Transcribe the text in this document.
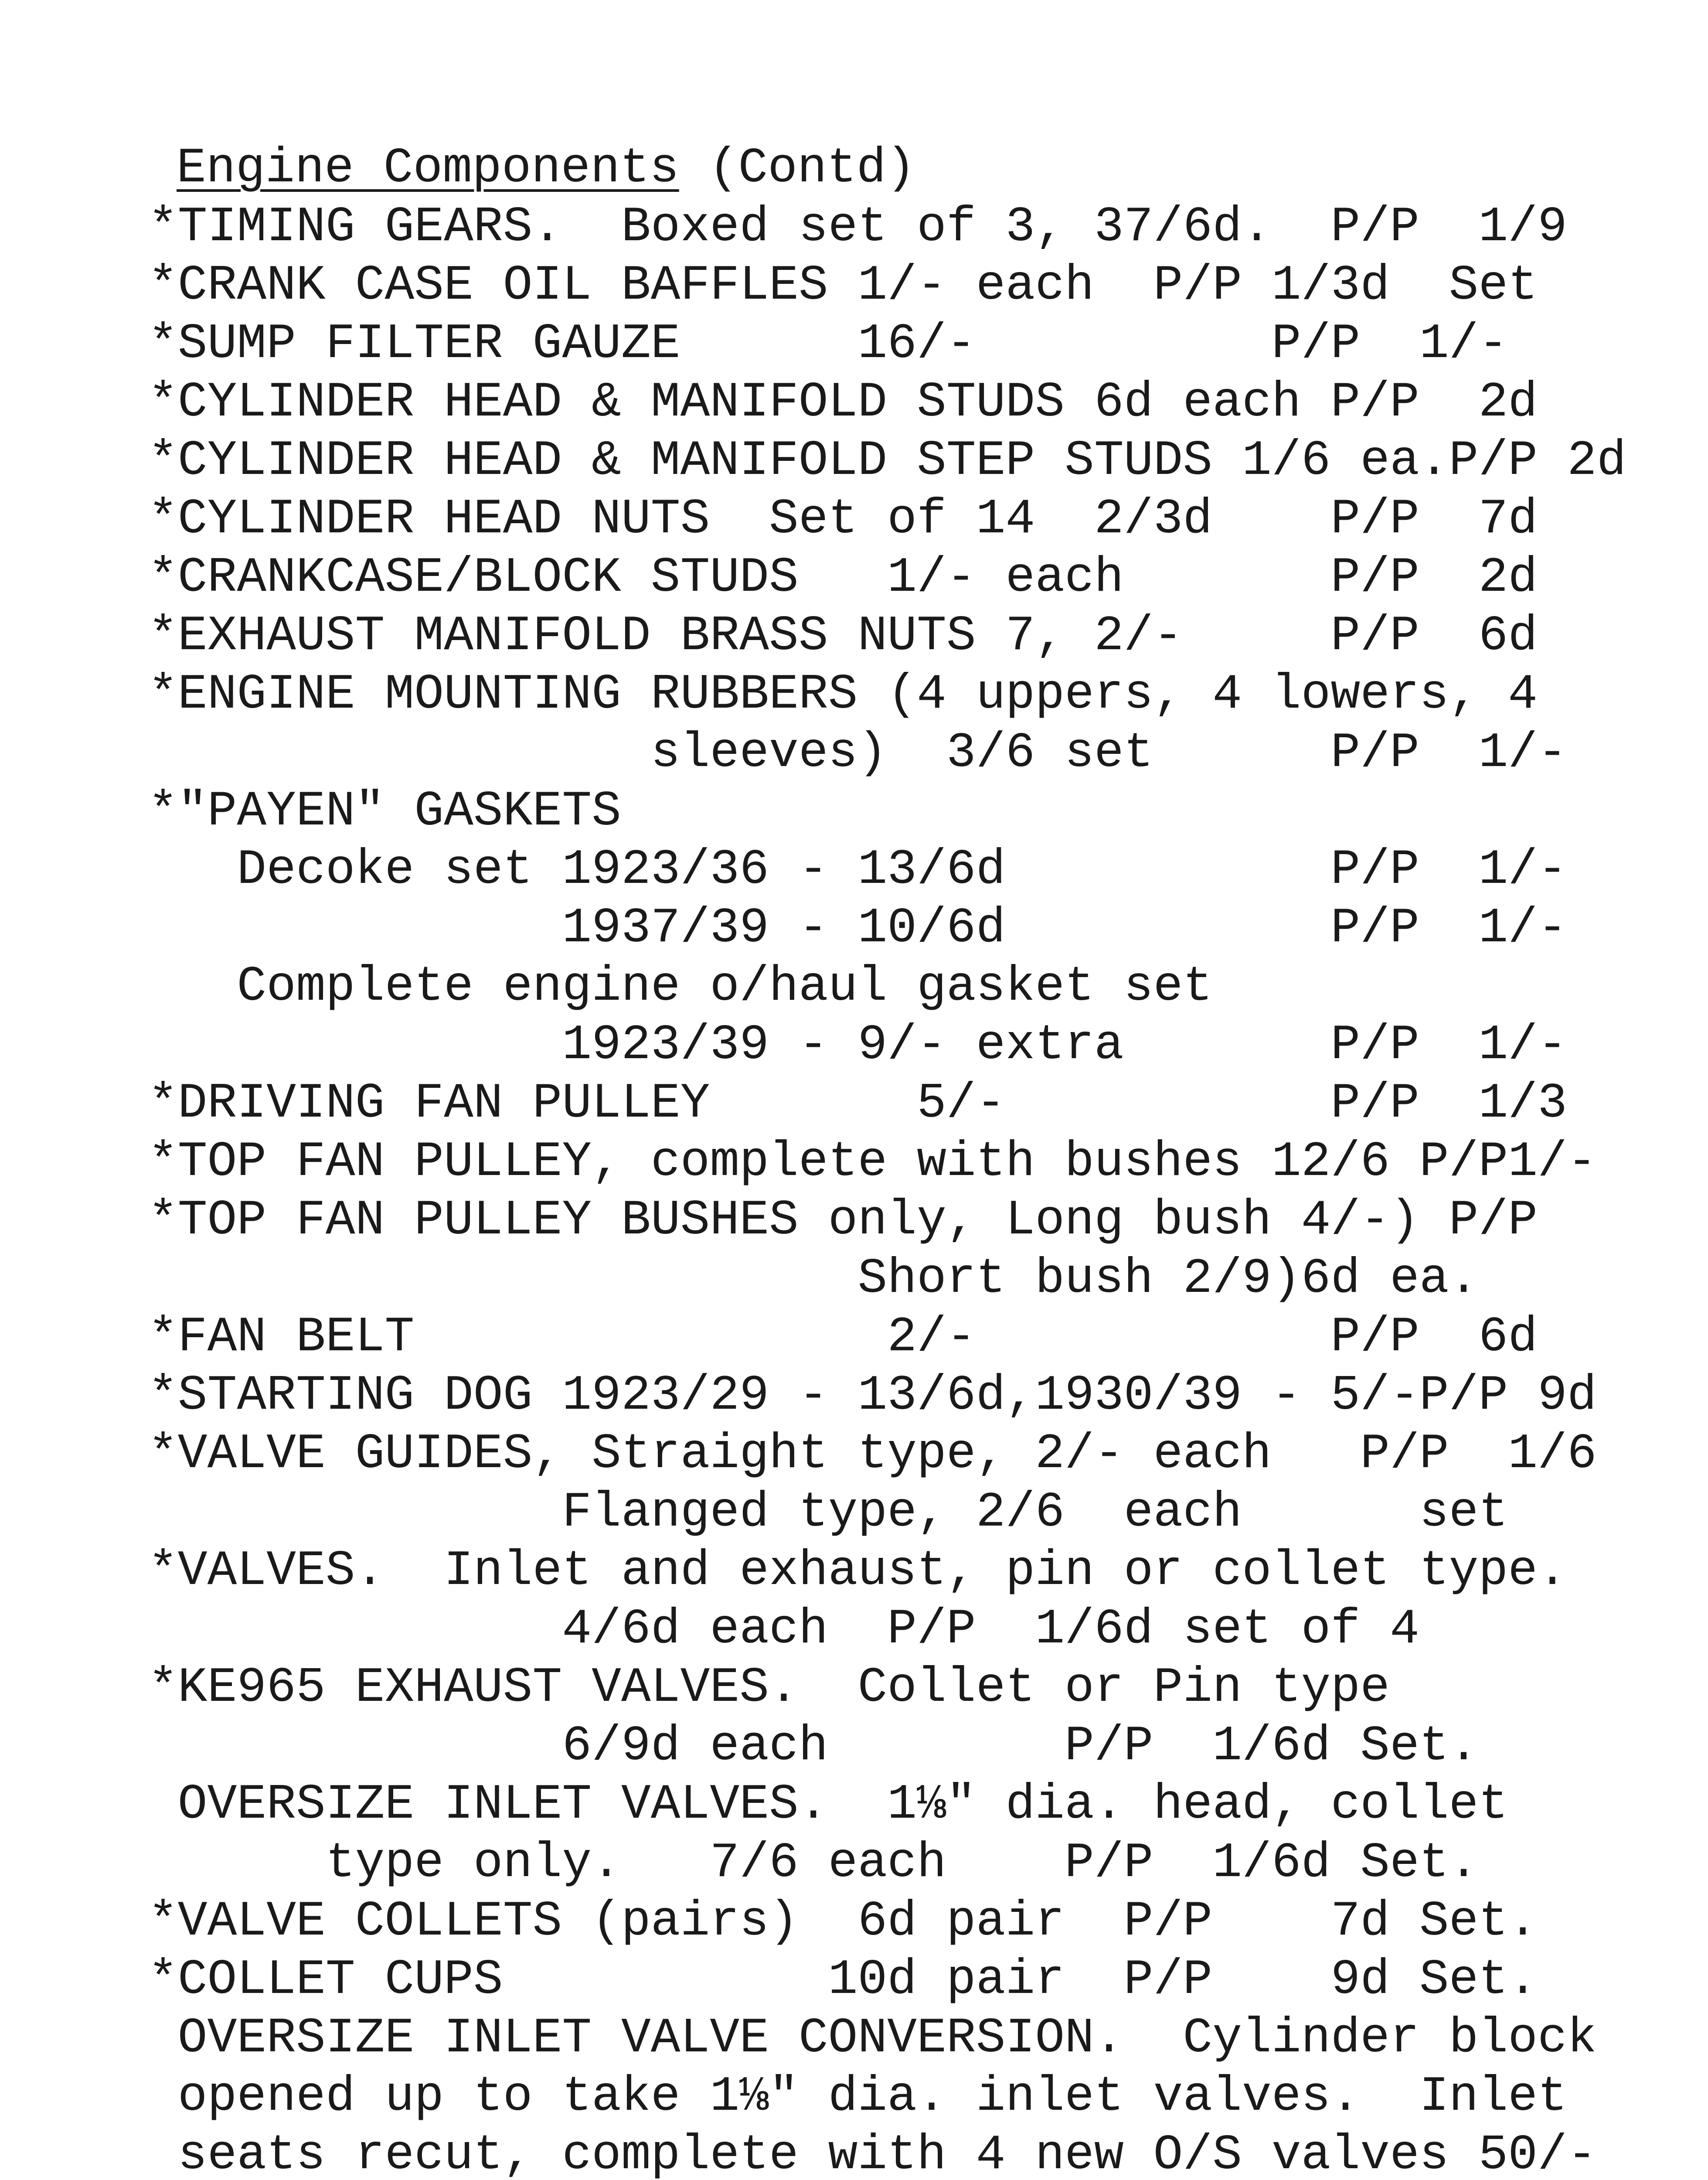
Engine Components (Contd)
*TIMING GEARS.  Boxed set of 3, 37/6d.  P/P  1/9
*CRANK CASE OIL BAFFLES 1/- each  P/P 1/3d  Set
*SUMP FILTER GAUZE      16/-          P/P  1/-
*CYLINDER HEAD & MANIFOLD STUDS 6d each P/P  2d
*CYLINDER HEAD & MANIFOLD STEP STUDS 1/6 ea.P/P 2d
*CYLINDER HEAD NUTS  Set of 14  2/3d    P/P  7d
*CRANKCASE/BLOCK STUDS   1/- each       P/P  2d
*EXHAUST MANIFOLD BRASS NUTS 7, 2/-     P/P  6d
*ENGINE MOUNTING RUBBERS (4 uppers, 4 lowers, 4
sleeves)  3/6 set      P/P  1/-
*"PAYEN" GASKETS
Decoke set 1923/36 - 13/6d           P/P  1/-
1937/39 - 10/6d           P/P  1/-
Complete engine o/haul gasket set
1923/39 - 9/- extra       P/P  1/-
*DRIVING FAN PULLEY       5/-           P/P  1/3
*TOP FAN PULLEY, complete with bushes 12/6 P/P1/-
*TOP FAN PULLEY BUSHES only, Long bush 4/-) P/P
Short bush 2/9)6d ea.
*FAN BELT                2/-            P/P  6d
*STARTING DOG 1923/29 - 13/6d,1930/39 - 5/-P/P 9d
*VALVE GUIDES, Straight type, 2/- each   P/P  1/6
Flanged type, 2/6  each      set
*VALVES.  Inlet and exhaust, pin or collet type.
4/6d each  P/P  1/6d set of 4
*KE965 EXHAUST VALVES.  Collet or Pin type
6/9d each        P/P  1/6d Set.
OVERSIZE INLET VALVES.  1⅛" dia. head, collet
type only.   7/6 each    P/P  1/6d Set.
*VALVE COLLETS (pairs)  6d pair  P/P    7d Set.
*COLLET CUPS           10d pair  P/P    9d Set.
OVERSIZE INLET VALVE CONVERSION.  Cylinder block
opened up to take 1⅛" dia. inlet valves.  Inlet
seats recut, complete with 4 new O/S valves 50/-
